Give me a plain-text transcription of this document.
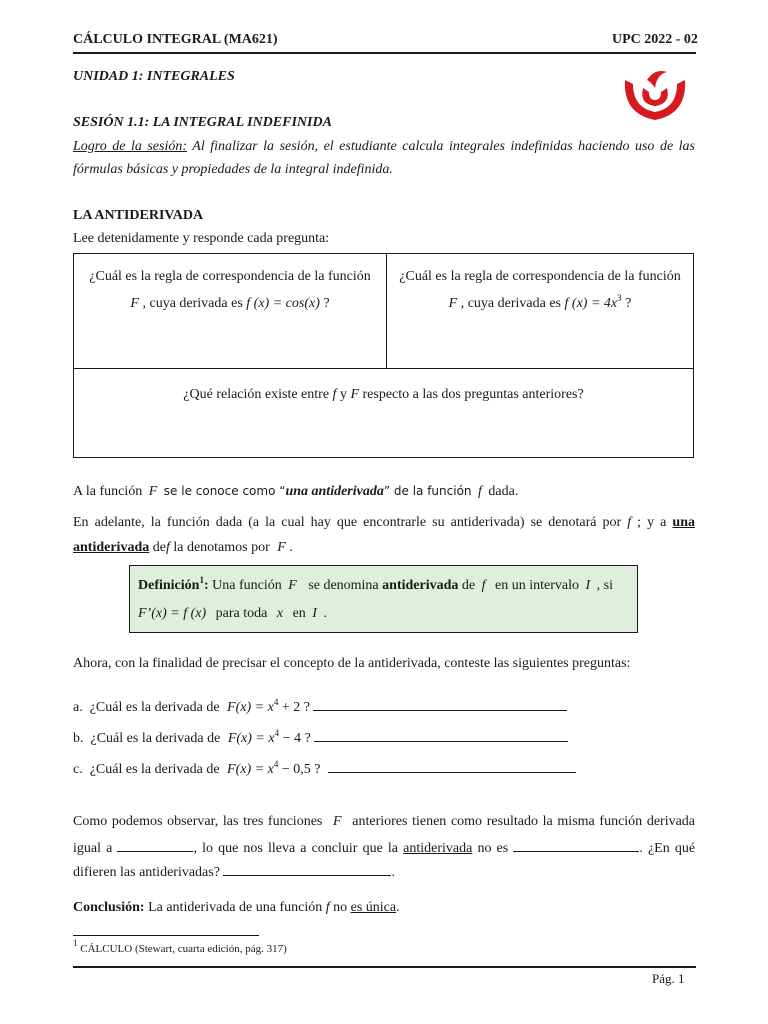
CÁLCULO INTEGRAL (MA621)	UPC 2022 - 02
UNIDAD 1: INTEGRALES
SESIÓN 1.1: LA INTEGRAL INDEFINIDA
Logro de la sesión: Al finalizar la sesión, el estudiante calcula integrales indefinidas haciendo uso de las
fórmulas básicas y propiedades de la integral indefinida.
LA ANTIDERIVADA
Lee detenidamente y responde cada pregunta:
¿Cuál es la regla de correspondencia de la función
F , cuya derivada es f (x) = cos(x) ?
¿Cuál es la regla de correspondencia de la función
F , cuya derivada es f $(x) = 4x^3$ ?
¿Qué relación existe entre f y F respecto a las dos preguntas anteriores?
A la función F se le conoce como “una antiderivada” de la función f dada.
En adelante, la función dada (a la cual hay que encontrarle su antiderivada) se denotará por f ; y a una
antiderivada def la denotamos por F .
Definición$^1$: Una función F se denomina antiderivada de f en un intervalo I , si
F’(x) = f (x) para toda x en I .
Ahora, con la finalidad de precisar el concepto de la antiderivada, conteste las siguientes preguntas:
a. ¿Cuál es la derivada de $F(x) = x^4 + 2$ ?
b. ¿Cuál es la derivada de $F(x) = x^4 - 4$ ?
c. ¿Cuál es la derivada de $F(x) = x^4 - 0,5$ ?
Como podemos observar, las tres funciones F anteriores tienen como resultado la misma función derivada
igual a	, lo que nos lleva a concluir que la antiderivada no es	. ¿En qué
difieren las antiderivadas?	.
Conclusión: La antiderivada de una función f no es única.
$^1$ CÁLCULO (Stewart, cuarta edición, pág. 317)
Pág. 1
